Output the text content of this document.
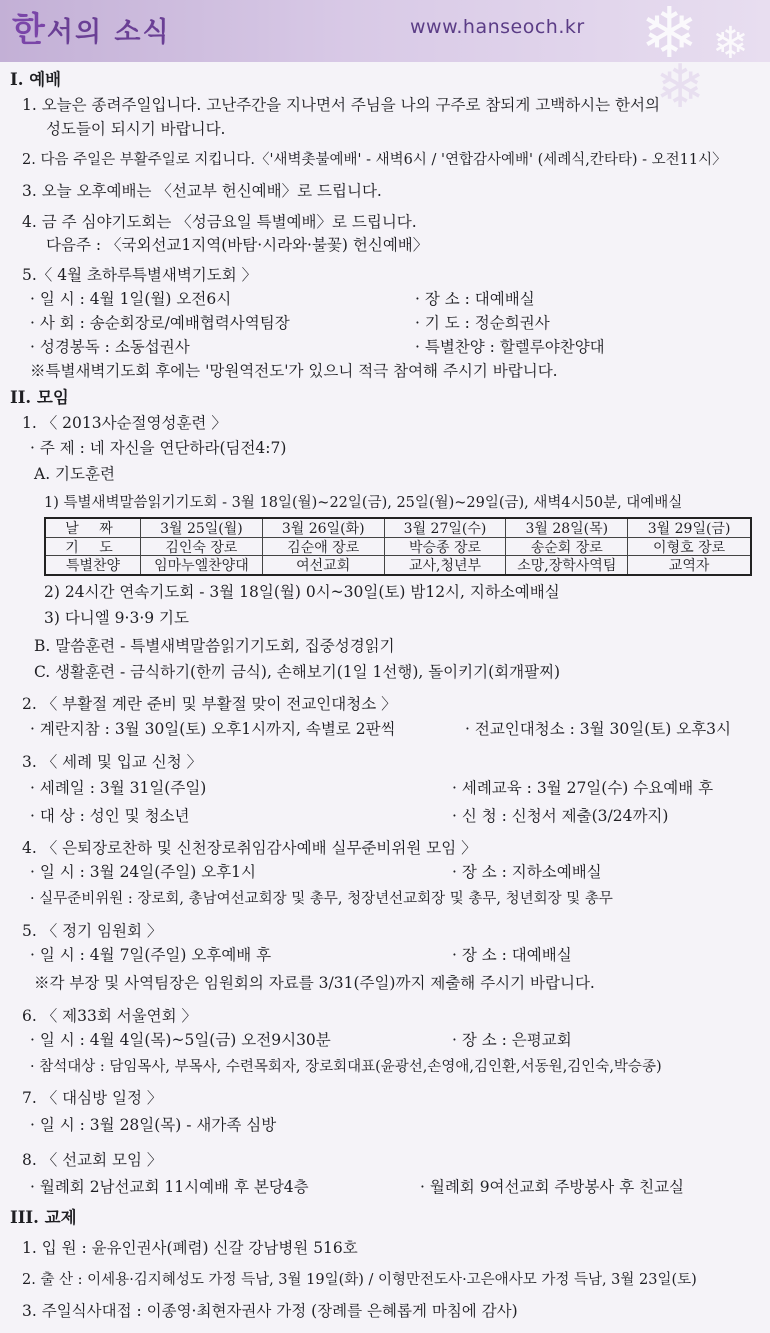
❄ ❄
한서의 소식	www.hanseoch.kr
❄
I. 예배
1. 오늘은 종려주일입니다. 고난주간을 지나면서 주님을 나의 구주로 참되게 고백하시는 한서의
성도들이 되시기 바랍니다.
2. 다음 주일은 부활주일로 지킵니다.〈'새벽촛불예배' - 새벽6시 / '연합감사예배' (세례식,칸타타) - 오전11시〉
3. 오늘 오후예배는 〈선교부 헌신예배〉로 드립니다.
4. 금 주 심야기도회는 〈성금요일 특별예배〉로 드립니다.
다음주 : 〈국외선교1지역(바탐·시라와·불꽃) 헌신예배〉
5.〈 4월 초하루특별새벽기도회 〉
· 일 시 : 4월 1일(월) 오전6시	· 장 소 : 대예배실
· 사 회 : 송순회장로/예배협력사역팀장	· 기 도 : 정순희권사
· 성경봉독 : 소동섭권사	· 특별찬양 : 할렐루야찬양대
※특별새벽기도회 후에는 '망원역전도'가 있으니 적극 참여해 주시기 바랍니다.
II. 모임
1. 〈 2013사순절영성훈련 〉
· 주 제 : 네 자신을 연단하라(딤전4:7)
A. 기도훈련
1) 특별새벽말씀읽기기도회 - 3월 18일(월)~22일(금), 25일(월)~29일(금), 새벽4시50분, 대예배실
날 짜	3월 25일(월)	3월 26일(화)	3월 27일(수)	3월 28일(목)	3월 29일(금)
기 도	김인숙 장로	김순애 장로	박승종 장로	송순회 장로	이형호 장로
특별찬양	임마누엘찬양대	여선교회	교사,청년부	소망,장학사역팀	교역자
2) 24시간 연속기도회 - 3월 18일(월) 0시~30일(토) 밤12시, 지하소예배실
3) 다니엘 9·3·9 기도
B. 말씀훈련 - 특별새벽말씀읽기기도회, 집중성경읽기
C. 생활훈련 - 금식하기(한끼 금식), 손해보기(1일 1선행), 돌이키기(회개팔찌)
2. 〈 부활절 계란 준비 및 부활절 맞이 전교인대청소 〉
· 계란지참 : 3월 30일(토) 오후1시까지, 속별로 2판씩	· 전교인대청소 : 3월 30일(토) 오후3시
3. 〈 세례 및 입교 신청 〉
· 세례일 : 3월 31일(주일)	· 세례교육 : 3월 27일(수) 수요예배 후
· 대 상 : 성인 및 청소년	· 신 청 : 신청서 제출(3/24까지)
4. 〈 은퇴장로찬하 및 신천장로취임감사예배 실무준비위원 모임 〉
· 일 시 : 3월 24일(주일) 오후1시	· 장 소 : 지하소예배실
· 실무준비위원 : 장로회, 총남여선교회장 및 총무, 청장년선교회장 및 총무, 청년회장 및 총무
5. 〈 정기 임원회 〉
· 일 시 : 4월 7일(주일) 오후예배 후	· 장 소 : 대예배실
※각 부장 및 사역팀장은 임원회의 자료를 3/31(주일)까지 제출해 주시기 바랍니다.
6. 〈 제33회 서울연회 〉
· 일 시 : 4월 4일(목)~5일(금) 오전9시30분	· 장 소 : 은평교회
· 참석대상 : 담임목사, 부목사, 수련목회자, 장로회대표(윤광선,손영애,김인환,서동원,김인숙,박승종)
7. 〈 대심방 일정 〉
· 일 시 : 3월 28일(목) - 새가족 심방
8. 〈 선교회 모임 〉
· 월례회 2남선교회 11시예배 후 본당4층	· 월례회 9여선교회 주방봉사 후 친교실
III. 교제
1. 입 원 : 윤유인권사(폐렴) 신갈 강남병원 516호
2. 출 산 : 이세용·김지혜성도 가정 득남, 3월 19일(화) / 이형만전도사·고은애사모 가정 득남, 3월 23일(토)
3. 주일식사대접 : 이종영·최현자권사 가정 (장례를 은혜롭게 마침에 감사)
